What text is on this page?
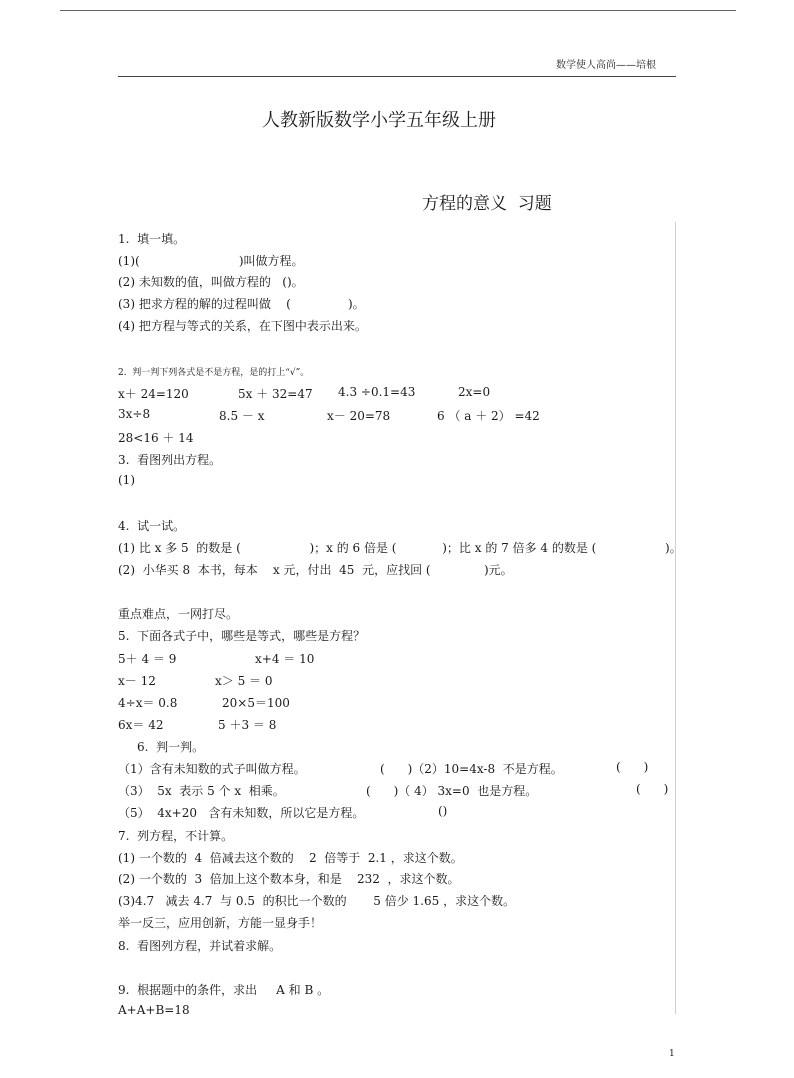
数学使人高尚——培根
人教新版数学小学五年级上册
方程的意义  习题
1.  填一填。
(1)(                          )叫做方程。
(2) 未知数的值，叫做方程的   ()。
(3) 把求方程的解的过程叫做    (               )。
(4) 把方程与等式的关系，在下图中表示出来。
2.  判一判下列各式是不是方程，是的打上“√”。
x＋ 24=120	5x ＋ 32=47 4.3 ÷0.1=43	2x=0
3x÷8	8.5 － x	x－ 20=78	6 （ a ＋ 2） =42
28<16 ＋ 14
3.  看图列出方程。
(1)
4.  试一试。
(1) 比 x 多 5  的数是 (                  )；x 的 6 倍是 (            )；比 x 的 7 倍多 4 的数是 (                  )。
(2)  小华买 8  本书，每本    x 元，付出  45  元，应找回 (              )元。
重点难点，一网打尽。
5.  下面各式子中，哪些是等式，哪些是方程？
5＋ 4 ＝ 9	x+4 ＝ 10
x－ 12	x＞ 5 ＝ 0
4÷x＝ 0.8	20×5＝100
6x＝ 42	5 ＋3 ＝ 8
6.  判一判。
（1）含有未知数的式子叫做方程。	(      )（2）10=4x-8  不是方程。	(      )
（3）  5x  表示 5 个 x  相乘。	(      )（ 4） 3x=0  也是方程。	(      )
（5）  4x+20   含有未知数，所以它是方程。	()
7.  列方程，不计算。
(1) 一个数的  4  倍减去这个数的    2  倍等于  2.1 ，求这个数。
(2) 一个数的  3  倍加上这个数本身，和是    232  ，求这个数。
(3)4.7   减去 4.7  与 0.5  的积比一个数的       5 倍少 1.65 ，求这个数。
举一反三，应用创新，方能一显身手！
8.  看图列方程，并试着求解。
9.  根据题中的条件，求出     A 和 B 。
A+A+B=18
1
